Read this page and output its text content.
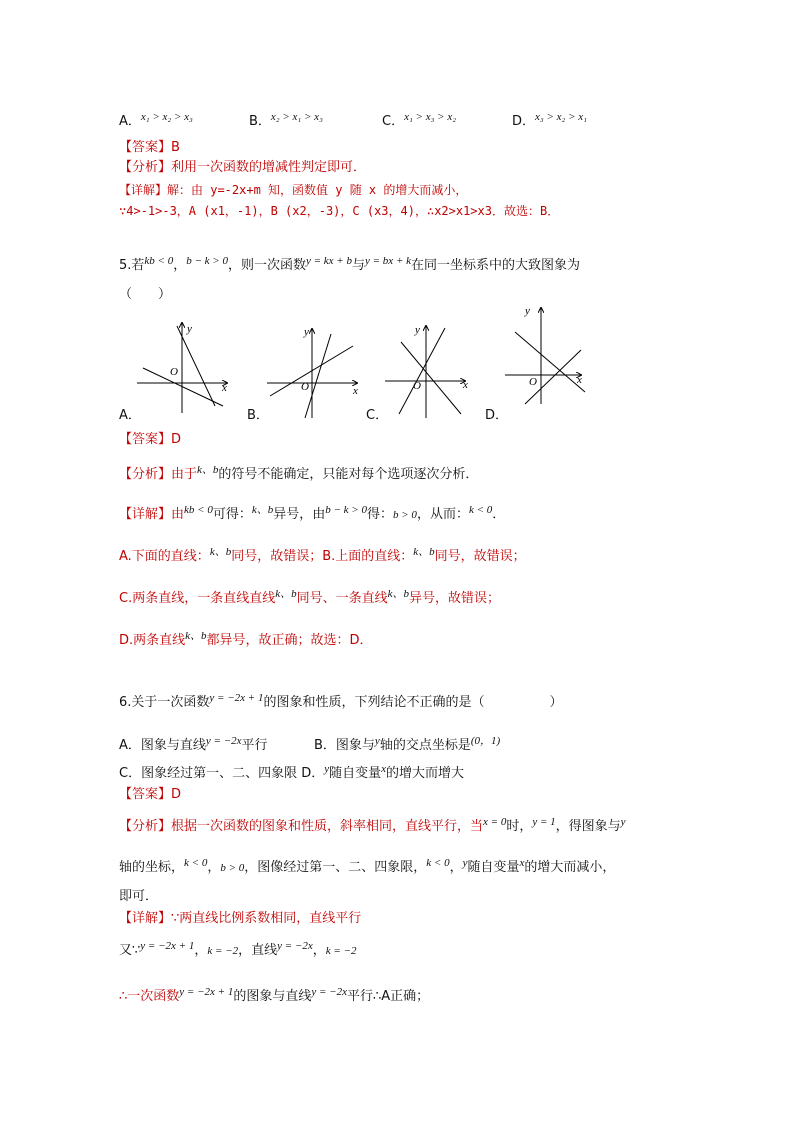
A．$^{x_1 > x_2 > x_3}$	B．$^{x_2 > x_1 > x_3}$	C．$^{x_1 > x_3 > x_2}$	D．$^{x_3 > x_2 > x_1}$
【答案】B
【分析】利用一次函数的增减性判定即可．
【详解】解：由 y=-2x+m 知，函数值 y 随 x 的增大而减小，
∵4>-1>-3，A (x1，-1)，B (x2，-3)，C (x3，4)，∴x2>x1>x3．故选：B．
5.若$^{kb < 0}$，$^{b - k > 0}$，则一次函数$^{y = kx + b}$与$^{y = bx + k}$在同一坐标系中的大致图象为
（　　）
O
x
y
A．
O	x
y
B．
O	x
y
C．
O	x
y
D．
【答案】D
【分析】由于$^{k、b}$的符号不能确定，只能对每个选项逐次分析．
【详解】由$^{kb < 0}$可得：$^{k、b}$异号，由$^{b - k > 0}$得：b > 0，从而：$^{k < 0}$．
A.下面的直线：$^{k、b}$同号，故错误；B.上面的直线：$^{k、b}$同号，故错误；
C.两条直线，一条直线直线$^{k、b}$同号、一条直线$^{k、b}$异号，故错误；
D.两条直线$^{k、b}$都异号，故正确；故选：D．
6.关于一次函数$^{y = -2x + 1}$的图象和性质，下列结论不正确的是（　　　　　）
A．图象与直线$^{y = -2x}$平行	B．图象与$^y$轴的交点坐标是$^{(0,1)}$
C．图象经过第一、二、四象限 D．$^y$随自变量$^x$的增大而增大
【答案】D
【分析】根据一次函数的图象和性质，斜率相同，直线平行，当$^{x = 0}$时，$^{y = 1}$，得图象与$^y$
轴的坐标，$^{k < 0}$，b > 0，图像经过第一、二、四象限，$^{k < 0}$，$^y$随自变量$^x$的增大而减小，
即可．
【详解】∵两直线比例系数相同，直线平行
又∵$^{y = -2x + 1}$，k = −2，直线$^{y = -2x}$，k = −2
∴一次函数$^{y = -2x + 1}$的图象与直线$^{y = -2x}$平行∴A正确；
